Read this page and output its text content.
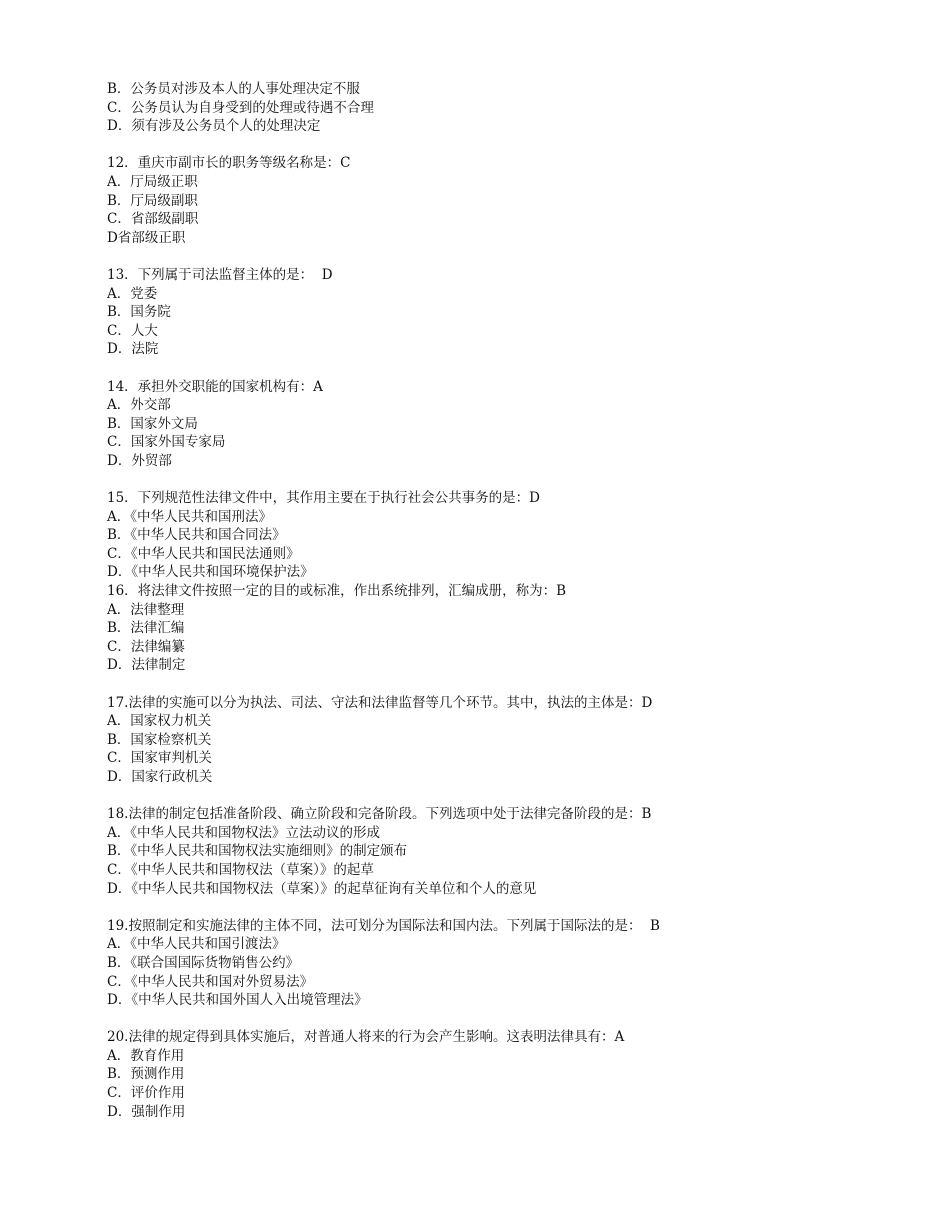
B．公务员对涉及本人的人事处理决定不服
C．公务员认为自身受到的处理或待遇不合理
D．须有涉及公务员个人的处理决定
12．重庆市副市长的职务等级名称是：C
A．厅局级正职
B．厅局级副职
C．省部级副职
D省部级正职
13．下列属于司法监督主体的是：  D
A．党委
B．国务院
C．人大
D．法院
14．承担外交职能的国家机构有：A
A．外交部
B．国家外文局
C．国家外国专家局
D．外贸部
15．下列规范性法律文件中，其作用主要在于执行社会公共事务的是：D
A．《中华人民共和国刑法》
B．《中华人民共和国合同法》
C．《中华人民共和国民法通则》
D．《中华人民共和国环境保护法》
16．将法律文件按照一定的目的或标准，作出系统排列，汇编成册，称为：B
A．法律整理
B．法律汇编
C．法律编纂
D．法律制定
17.法律的实施可以分为执法、司法、守法和法律监督等几个环节。其中，执法的主体是：D
A．国家权力机关
B．国家检察机关
C．国家审判机关
D．国家行政机关
18.法律的制定包括准备阶段、确立阶段和完备阶段。下列选项中处于法律完备阶段的是：B
A．《中华人民共和国物权法》立法动议的形成
B．《中华人民共和国物权法实施细则》的制定颁布
C．《中华人民共和国物权法（草案）》的起草
D．《中华人民共和国物权法（草案）》的起草征询有关单位和个人的意见
19.按照制定和实施法律的主体不同，法可划分为国际法和国内法。下列属于国际法的是：  B
A．《中华人民共和国引渡法》
B．《联合国国际货物销售公约》
C．《中华人民共和国对外贸易法》
D．《中华人民共和国外国人入出境管理法》
20.法律的规定得到具体实施后，对普通人将来的行为会产生影响。这表明法律具有：A
A．教育作用
B．预测作用
C．评价作用
D．强制作用
